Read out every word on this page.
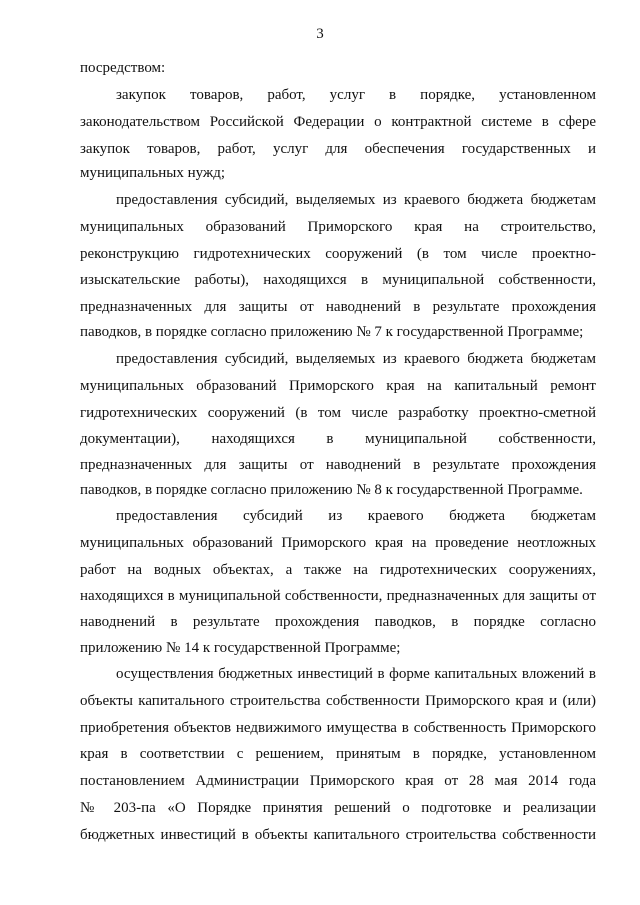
3
посредством:
закупок товаров, работ, услуг в порядке, установленном
законодательством Российской Федерации о контрактной системе в сфере
закупок товаров, работ, услуг для обеспечения государственных и
муниципальных нужд;
предоставления субсидий, выделяемых из краевого бюджета бюджетам
муниципальных образований Приморского края на строительство,
реконструкцию гидротехнических сооружений (в том числе проектно-
изыскательские работы), находящихся в муниципальной собственности,
предназначенных для защиты от наводнений в результате прохождения
паводков, в порядке согласно приложению № 7 к государственной Программе;
предоставления субсидий, выделяемых из краевого бюджета бюджетам
муниципальных образований Приморского края на капитальный ремонт
гидротехнических сооружений (в том числе разработку проектно-сметной
документации), находящихся в муниципальной собственности,
предназначенных для защиты от наводнений в результате прохождения
паводков, в порядке согласно приложению № 8 к государственной Программе.
предоставления субсидий из краевого бюджета бюджетам
муниципальных образований Приморского края на проведение неотложных
работ на водных объектах, а также на гидротехнических сооружениях,
находящихся в муниципальной собственности, предназначенных для защиты от
наводнений в результате прохождения паводков, в порядке согласно
приложению № 14 к государственной Программе;
осуществления бюджетных инвестиций в форме капитальных вложений в
объекты капитального строительства собственности Приморского края и (или)
приобретения объектов недвижимого имущества в собственность Приморского
края в соответствии с решением, принятым в порядке, установленном
постановлением Администрации Приморского края от 28 мая 2014 года
№ 203-па «О Порядке принятия решений о подготовке и реализации
бюджетных инвестиций в объекты капитального строительства собственности
